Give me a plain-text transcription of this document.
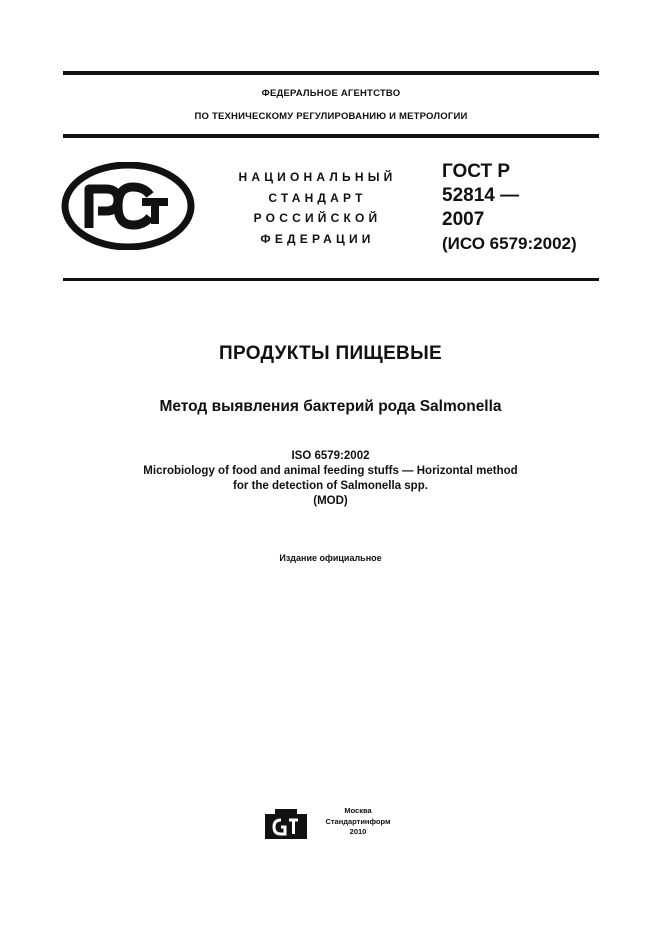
ФЕДЕРАЛЬНОЕ АГЕНТСТВО
ПО ТЕХНИЧЕСКОМУ РЕГУЛИРОВАНИЮ И МЕТРОЛОГИИ
НАЦИОНАЛЬНЫЙ
СТАНДАРТ
РОССИЙСКОЙ
ФЕДЕРАЦИИ
ГОСТ Р
52814 —
2007
(ИСО 6579:2002)
ПРОДУКТЫ ПИЩЕВЫЕ
Метод выявления бактерий рода Salmonella
ISO 6579:2002
Microbiology of food and animal feeding stuffs — Horizontal method
for the detection of Salmonella spp.
(MOD)
Издание официальное
Москва
Стандартинформ
2010
